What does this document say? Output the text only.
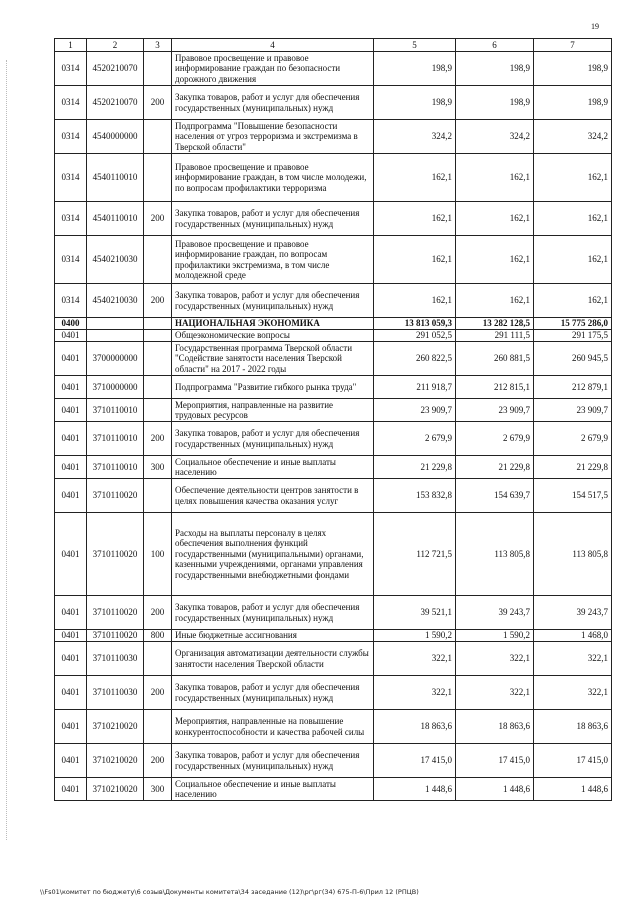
19
1	2	3	4	5	6	7
0314	4520210070		Правовое просвещение и правовое информирование граждан по безопасности дорожного движения	198,9	198,9	198,9
0314	4520210070	200	Закупка товаров, работ и услуг для обеспечения государственных (муниципальных) нужд	198,9	198,9	198,9
0314	4540000000		Подпрограмма "Повышение безопасности населения от угроз терроризма и экстремизма в Тверской области"	324,2	324,2	324,2
0314	4540110010		Правовое просвещение и правовое информирование граждан, в том числе молодежи, по вопросам профилактики терроризма	162,1	162,1	162,1
0314	4540110010	200	Закупка товаров, работ и услуг для обеспечения государственных (муниципальных) нужд	162,1	162,1	162,1
0314	4540210030		Правовое просвещение и правовое информирование граждан, по вопросам профилактики экстремизма, в том числе молодежной среде	162,1	162,1	162,1
0314	4540210030	200	Закупка товаров, работ и услуг для обеспечения государственных (муниципальных) нужд	162,1	162,1	162,1
0400			НАЦИОНАЛЬНАЯ ЭКОНОМИКА	13 813 059,3	13 282 128,5	15 775 286,0
0401			Общеэкономические вопросы	291 052,5	291 111,5	291 175,5
0401	3700000000		Государственная программа Тверской области "Содействие занятости населения Тверской области" на 2017 - 2022 годы	260 822,5	260 881,5	260 945,5
0401	3710000000		Подпрограмма "Развитие гибкого рынка труда"	211 918,7	212 815,1	212 879,1
0401	3710110010		Мероприятия, направленные на развитие трудовых ресурсов	23 909,7	23 909,7	23 909,7
0401	3710110010	200	Закупка товаров, работ и услуг для обеспечения государственных (муниципальных) нужд	2 679,9	2 679,9	2 679,9
0401	3710110010	300	Социальное обеспечение и иные выплаты населению	21 229,8	21 229,8	21 229,8
0401	3710110020		Обеспечение деятельности центров занятости в целях повышения качества оказания услуг	153 832,8	154 639,7	154 517,5
0401	3710110020	100	Расходы на выплаты персоналу в целях обеспечения выполнения функций государственными (муниципальными) органами, казенными учреждениями, органами управления государственными внебюджетными фондами	112 721,5	113 805,8	113 805,8
0401	3710110020	200	Закупка товаров, работ и услуг для обеспечения государственных (муниципальных) нужд	39 521,1	39 243,7	39 243,7
0401	3710110020	800	Иные бюджетные ассигнования	1 590,2	1 590,2	1 468,0
0401	3710110030		Организация автоматизации деятельности службы занятости населения Тверской области	322,1	322,1	322,1
0401	3710110030	200	Закупка товаров, работ и услуг для обеспечения государственных (муниципальных) нужд	322,1	322,1	322,1
0401	3710210020		Мероприятия, направленные на повышение конкурентоспособности и качества рабочей силы	18 863,6	18 863,6	18 863,6
0401	3710210020	200	Закупка товаров, работ и услуг для обеспечения государственных (муниципальных) нужд	17 415,0	17 415,0	17 415,0
0401	3710210020	300	Социальное обеспечение и иные выплаты населению	1 448,6	1 448,6	1 448,6
\\Fs01\комитет по бюджету\6 созыв\Документы комитета\34 заседание (12)\рг\рг(34) 675-П-6\Прил 12 (РПЦВ)
